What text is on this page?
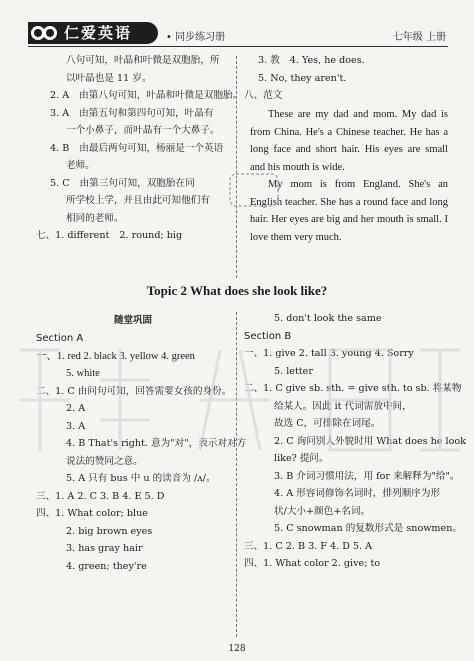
仁爱英语	• 同步练习册	七年级 上册
八句可知，叶晶和叶微是双胞胎，所
以叶晶也是 11 岁。
2. A 由第八句可知，叶晶和叶微是双胞胎。
3. A 由第五句和第四句可知，叶晶有
一个小鼻子，而叶晶有一个大鼻子。
4. B 由最后两句可知，杨丽是一个英语
老师。
5. C 由第三句可知，双胞胎在同
所学校上学，并且由此可知他们有
相同的老师。
七、1. different 2. round; big
3. 教 4. Yes, he does.
5. No, they aren't.
八、范文

These are my dad and mom. My dad is from China. He's a Chinese teacher. He has a long face and short hair. His eyes are small and his mouth is wide.

My mom is from England. She's an English teacher. She has a round face and long hair. Her eyes are big and her mouth is small. I love them very much.

Topic 2 What does she look like?
随堂巩固
Section A
一、1. red 2. black 3. yellow 4. green
5. white
二、1. C 由问句可知，回答需要女孩的身份。
2. A
3. A
4. B That's right. 意为"对"，表示对对方
说法的赞同之意。
5. A 只有 bus 中 u 的读音为 /ʌ/。
三、1. A 2. C 3. B 4. E 5. D
四、1. What color; blue
2. big brown eyes
3. has gray hair
4. green; they're
5. don't look the same
Section B
一、1. give 2. tall 3. young 4. Sorry
5. letter
二、1. C give sb. sth. = give sth. to sb. 将某物
给某人。因此 it 代词需放中间，
故选 C，可排除在词尾。
2. C 询问别人外貌时用 What does he look
like? 提问。
3. B 介词习惯用法，用 for 来解释为"给"。
4. A 形容词修饰名词时，排列顺序为形
状/大小+颜色+名词。
5. C snowman 的复数形式是 snowmen。
三、1. C 2. B 3. F 4. D 5. A
四、1. What color 2. give; to
128
